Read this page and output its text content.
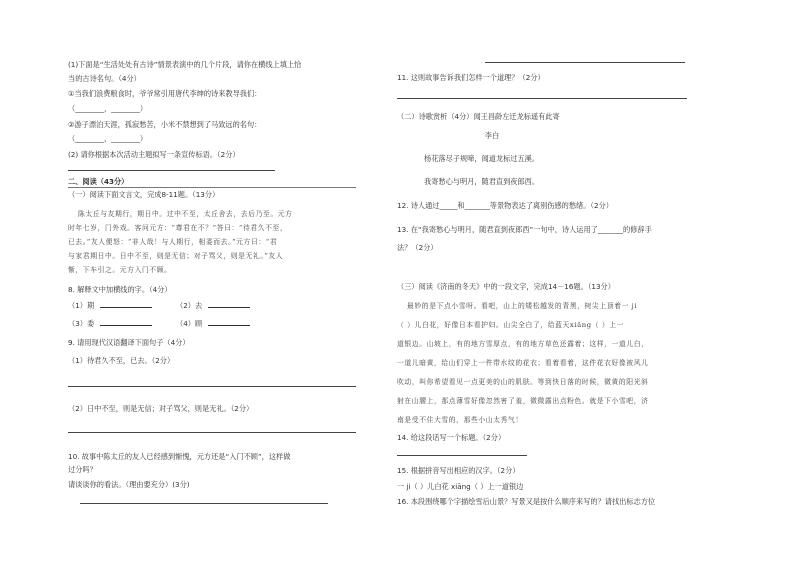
(1)下面是“生活处处有古诗”情景表演中的几个片段，请你在横线上填上恰
当的古诗名句。（4分）
①当我们浪费粮食时，爷爷常引用唐代李绅的诗来教导我们：
（________，________）
②游子漂泊天涯，孤寂愁苦，小米不禁想到了马致远的名句：
（________，________）
(2) 请你根据本次活动主题拟写一条宣传标语。（2分）
二、阅读（43分）
（一）阅读下面文言文，完成8-11题。（13分）
陈太丘与友期行，期日中。过中不至，太丘舍去，去后乃至。元方
时年七岁，门外戏。客问元方：“尊君在不？”答曰：“待君久不至，
已去。”友人便怒：“非人哉！与人期行，相委而去。”元方曰：“君
与家君期日中。日中不至，则是无信；对子骂父，则是无礼。”友人
惭，下车引之。元方入门不顾。
8. 解释文中加横线的字。（4分）
（1）期	（2）去
（3）委	（4）顾
9. 请用现代汉语翻译下面句子（4分）
（1）待君久不至，已去。（2分）
（2）日中不至，则是无信；对子骂父，则是无礼。（2分）
10. 故事中陈太丘的友人已经感到惭愧，元方还是“入门不顾”，这样做
过分吗？
请谈谈你的看法。（理由要充分）(3分)
11. 这则故事告诉我们怎样一个道理？（2分）
（二）诗歌赏析（4分）闻王昌龄左迁龙标遥有此寄
李白
杨花落尽子规啼，闻道龙标过五溪。
我寄愁心与明月，随君直到夜郎西。
12. 诗人通过_____和_______等景物表达了离别伤感的愁绪。（2分）
13. 在“我寄愁心与明月，随君直到夜郎西”一句中，诗人运用了_______的修辞手
法？（2分）
（三）阅读《济南的冬天》中的一段文字，完成14－16题。（13分）
最妙的是下点小雪呀。看吧，山上的矮松越发的青黑，树尖上顶着一 ji
（ ）儿白花，好像日本看护妇。山尖全白了，给蓝天xiāng（ ）上一
道银边。山坡上，有的地方雪厚点，有的地方草色还露着；这样，一道儿白，
一道儿暗黄，给山们穿上一件带水纹的花衣；看着看着，这件花衣好像被风儿
吹动，叫你希望看见一点更美的山的肌肤。等到快日落的时候，微黄的阳光斜
射在山腰上，那点薄雪好像忽然害了羞，微微露出点粉色。就是下小雪吧，济
南是受不住大雪的，那些小山太秀气！
14. 给这段话写一个标题。（2分）
15. 根据拼音写出相应的汉字。（2分）
一 ji（ ）儿白花 xiāng（ ）上一道银边
16. 本段围绕哪个字描绘雪后山景？写景又是按什么顺序来写的？请找出标志方位
